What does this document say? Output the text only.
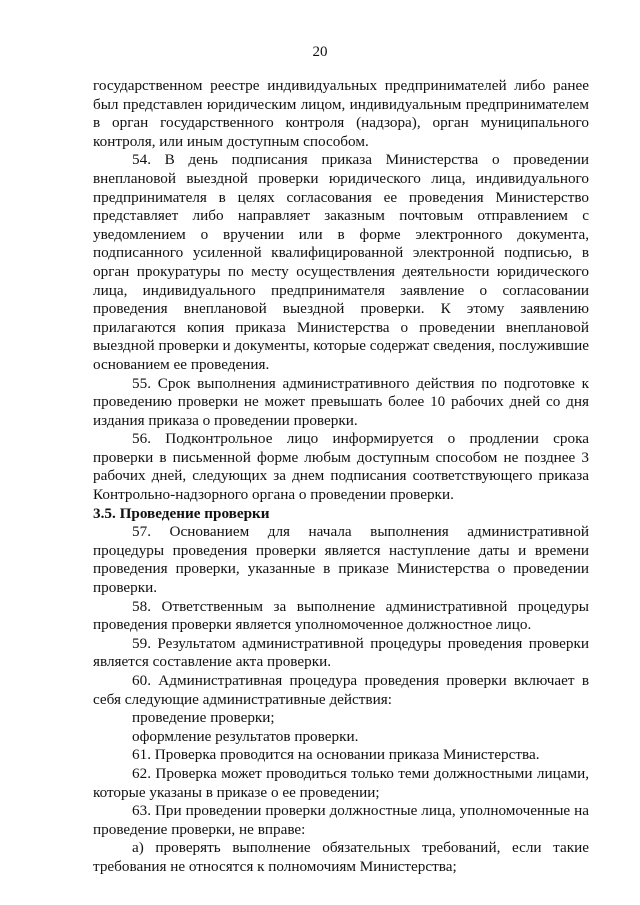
20

государственном реестре индивидуальных предпринимателей либо ранее был представлен юридическим лицом, индивидуальным предпринимателем в орган государственного контроля (надзора), орган муниципального контроля, или иным доступным способом.

54. В день подписания приказа Министерства о проведении внеплановой выездной проверки юридического лица, индивидуального предпринимателя в целях согласования ее проведения Министерство представляет либо направляет заказным почтовым отправлением с уведомлением о вручении или в форме электронного документа, подписанного усиленной квалифицированной электронной подписью, в орган прокуратуры по месту осуществления деятельности юридического лица, индивидуального предпринимателя заявление о согласовании проведения внеплановой выездной проверки. К этому заявлению прилагаются копия приказа Министерства о проведении внеплановой выездной проверки и документы, которые содержат сведения, послужившие основанием ее проведения.

55. Срок выполнения административного действия по подготовке к проведению проверки не может превышать более 10 рабочих дней со дня издания приказа о проведении проверки.

56. Подконтрольное лицо информируется о продлении срока проверки в письменной форме любым доступным способом не позднее 3 рабочих дней, следующих за днем подписания соответствующего приказа Контрольно-надзорного органа о проведении проверки.

3.5. Проведение проверки

57. Основанием для начала выполнения административной процедуры проведения проверки является наступление даты и времени проведения проверки, указанные в приказе Министерства о проведении проверки.

58. Ответственным за выполнение административной процедуры проведения проверки является уполномоченное должностное лицо.

59. Результатом административной процедуры проведения проверки является составление акта проверки.

60. Административная процедура проведения проверки включает в себя следующие административные действия:

проведение проверки;

оформление результатов проверки.

61. Проверка проводится на основании приказа Министерства.

62. Проверка может проводиться только теми должностными лицами, которые указаны в приказе о ее проведении;

63. При проведении проверки должностные лица, уполномоченные на проведение проверки, не вправе:

а) проверять выполнение обязательных требований, если такие требования не относятся к полномочиям Министерства;
